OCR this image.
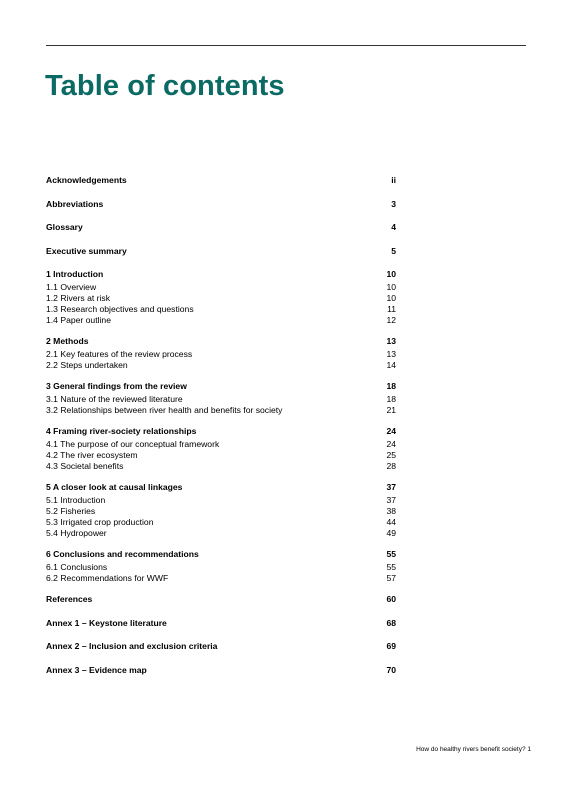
Table of contents
Acknowledgements	ii
Abbreviations	3
Glossary	4
Executive summary	5
1 Introduction	10
1.1 Overview	10
1.2 Rivers at risk	10
1.3 Research objectives and questions	11
1.4 Paper outline	12
2 Methods	13
2.1 Key features of the review process	13
2.2 Steps undertaken	14
3 General findings from the review	18
3.1 Nature of the reviewed literature	18
3.2 Relationships between river health and benefits for society	21
4 Framing river-society relationships	24
4.1 The purpose of our conceptual framework	24
4.2 The river ecosystem	25
4.3 Societal benefits	28
5 A closer look at causal linkages	37
5.1 Introduction	37
5.2 Fisheries	38
5.3 Irrigated crop production	44
5.4 Hydropower	49
6 Conclusions and recommendations	55
6.1 Conclusions	55
6.2 Recommendations for WWF	57
References	60
Annex 1 – Keystone literature	68
Annex 2 – Inclusion and exclusion criteria	69
Annex 3 – Evidence map	70
How do healthy rivers benefit society? 1
